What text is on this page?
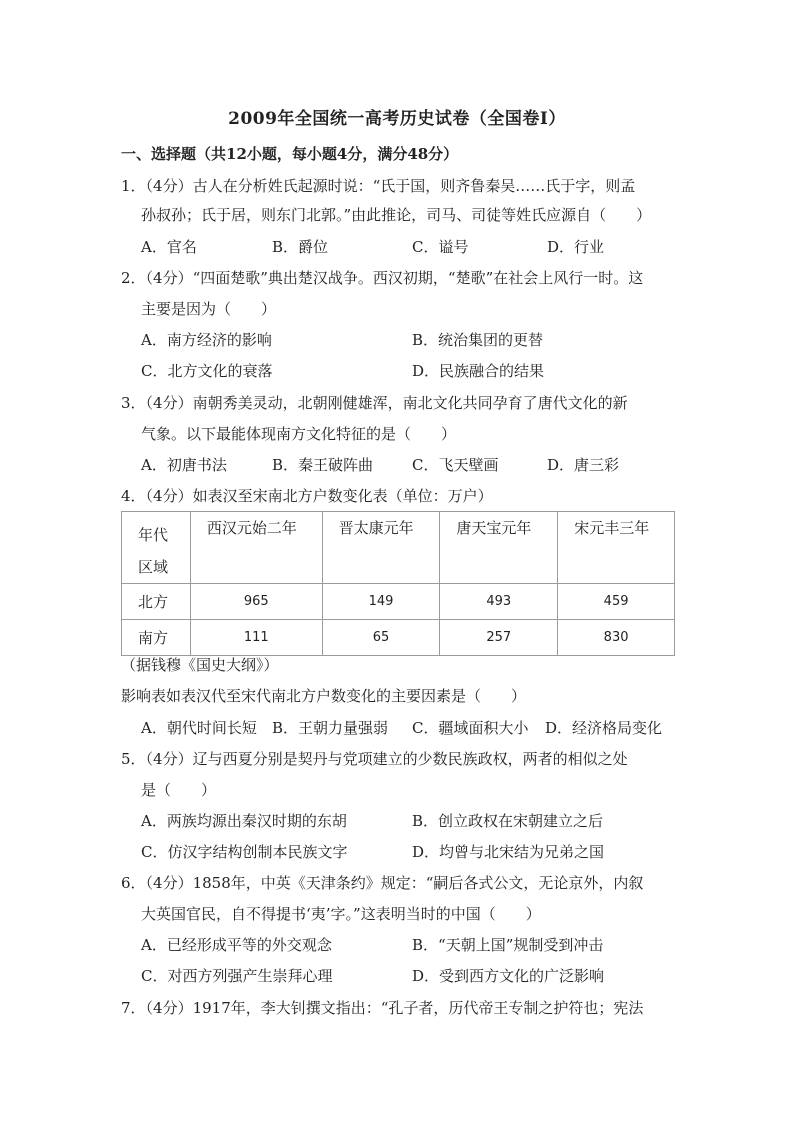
2009年全国统一高考历史试卷（全国卷Ⅰ）
一、选择题（共12小题，每小题4分，满分48分）
1．（4分）古人在分析姓氏起源时说：“氏于国，则齐鲁秦吴……氏于字，则孟
孙叔孙；氏于居，则东门北郭。”由此推论，司马、司徒等姓氏应源自（　　）
A．官名	B．爵位	C．谥号	D．行业
2．（4分）“四面楚歌”典出楚汉战争。西汉初期，“楚歌”在社会上风行一时。这
主要是因为（　　）
A．南方经济的影响	B．统治集团的更替
C．北方文化的衰落	D．民族融合的结果
3．（4分）南朝秀美灵动，北朝刚健雄浑，南北文化共同孕育了唐代文化的新
气象。以下最能体现南方文化特征的是（　　）
A．初唐书法	B．秦王破阵曲	C．飞天壁画	D．唐三彩
4．（4分）如表汉至宋南北方户数变化表（单位：万户）
年代
区域	西汉元始二年	晋太康元年	唐天宝元年	宋元丰三年

北方	965	149	493	459
南方	111	65	257	830
（据钱穆《国史大纲》）
影响表如表汉代至宋代南北方户数变化的主要因素是（　　）
A．朝代时间长短 B．王朝力量强弱 C．疆域面积大小 D．经济格局变化
5．（4分）辽与西夏分别是契丹与党项建立的少数民族政权，两者的相似之处
是（　　）
A．两族均源出秦汉时期的东胡	B．创立政权在宋朝建立之后
C．仿汉字结构创制本民族文字	D．均曾与北宋结为兄弟之国
6．（4分）1858年，中英《天津条约》规定：“嗣后各式公文，无论京外，内叙
大英国官民，自不得提书‘夷’字。”这表明当时的中国（　　）
A．已经形成平等的外交观念	B．“天朝上国”规制受到冲击
C．对西方列强产生崇拜心理	D．受到西方文化的广泛影响
7．（4分）1917年，李大钊撰文指出：“孔子者，历代帝王专制之护符也；宪法
